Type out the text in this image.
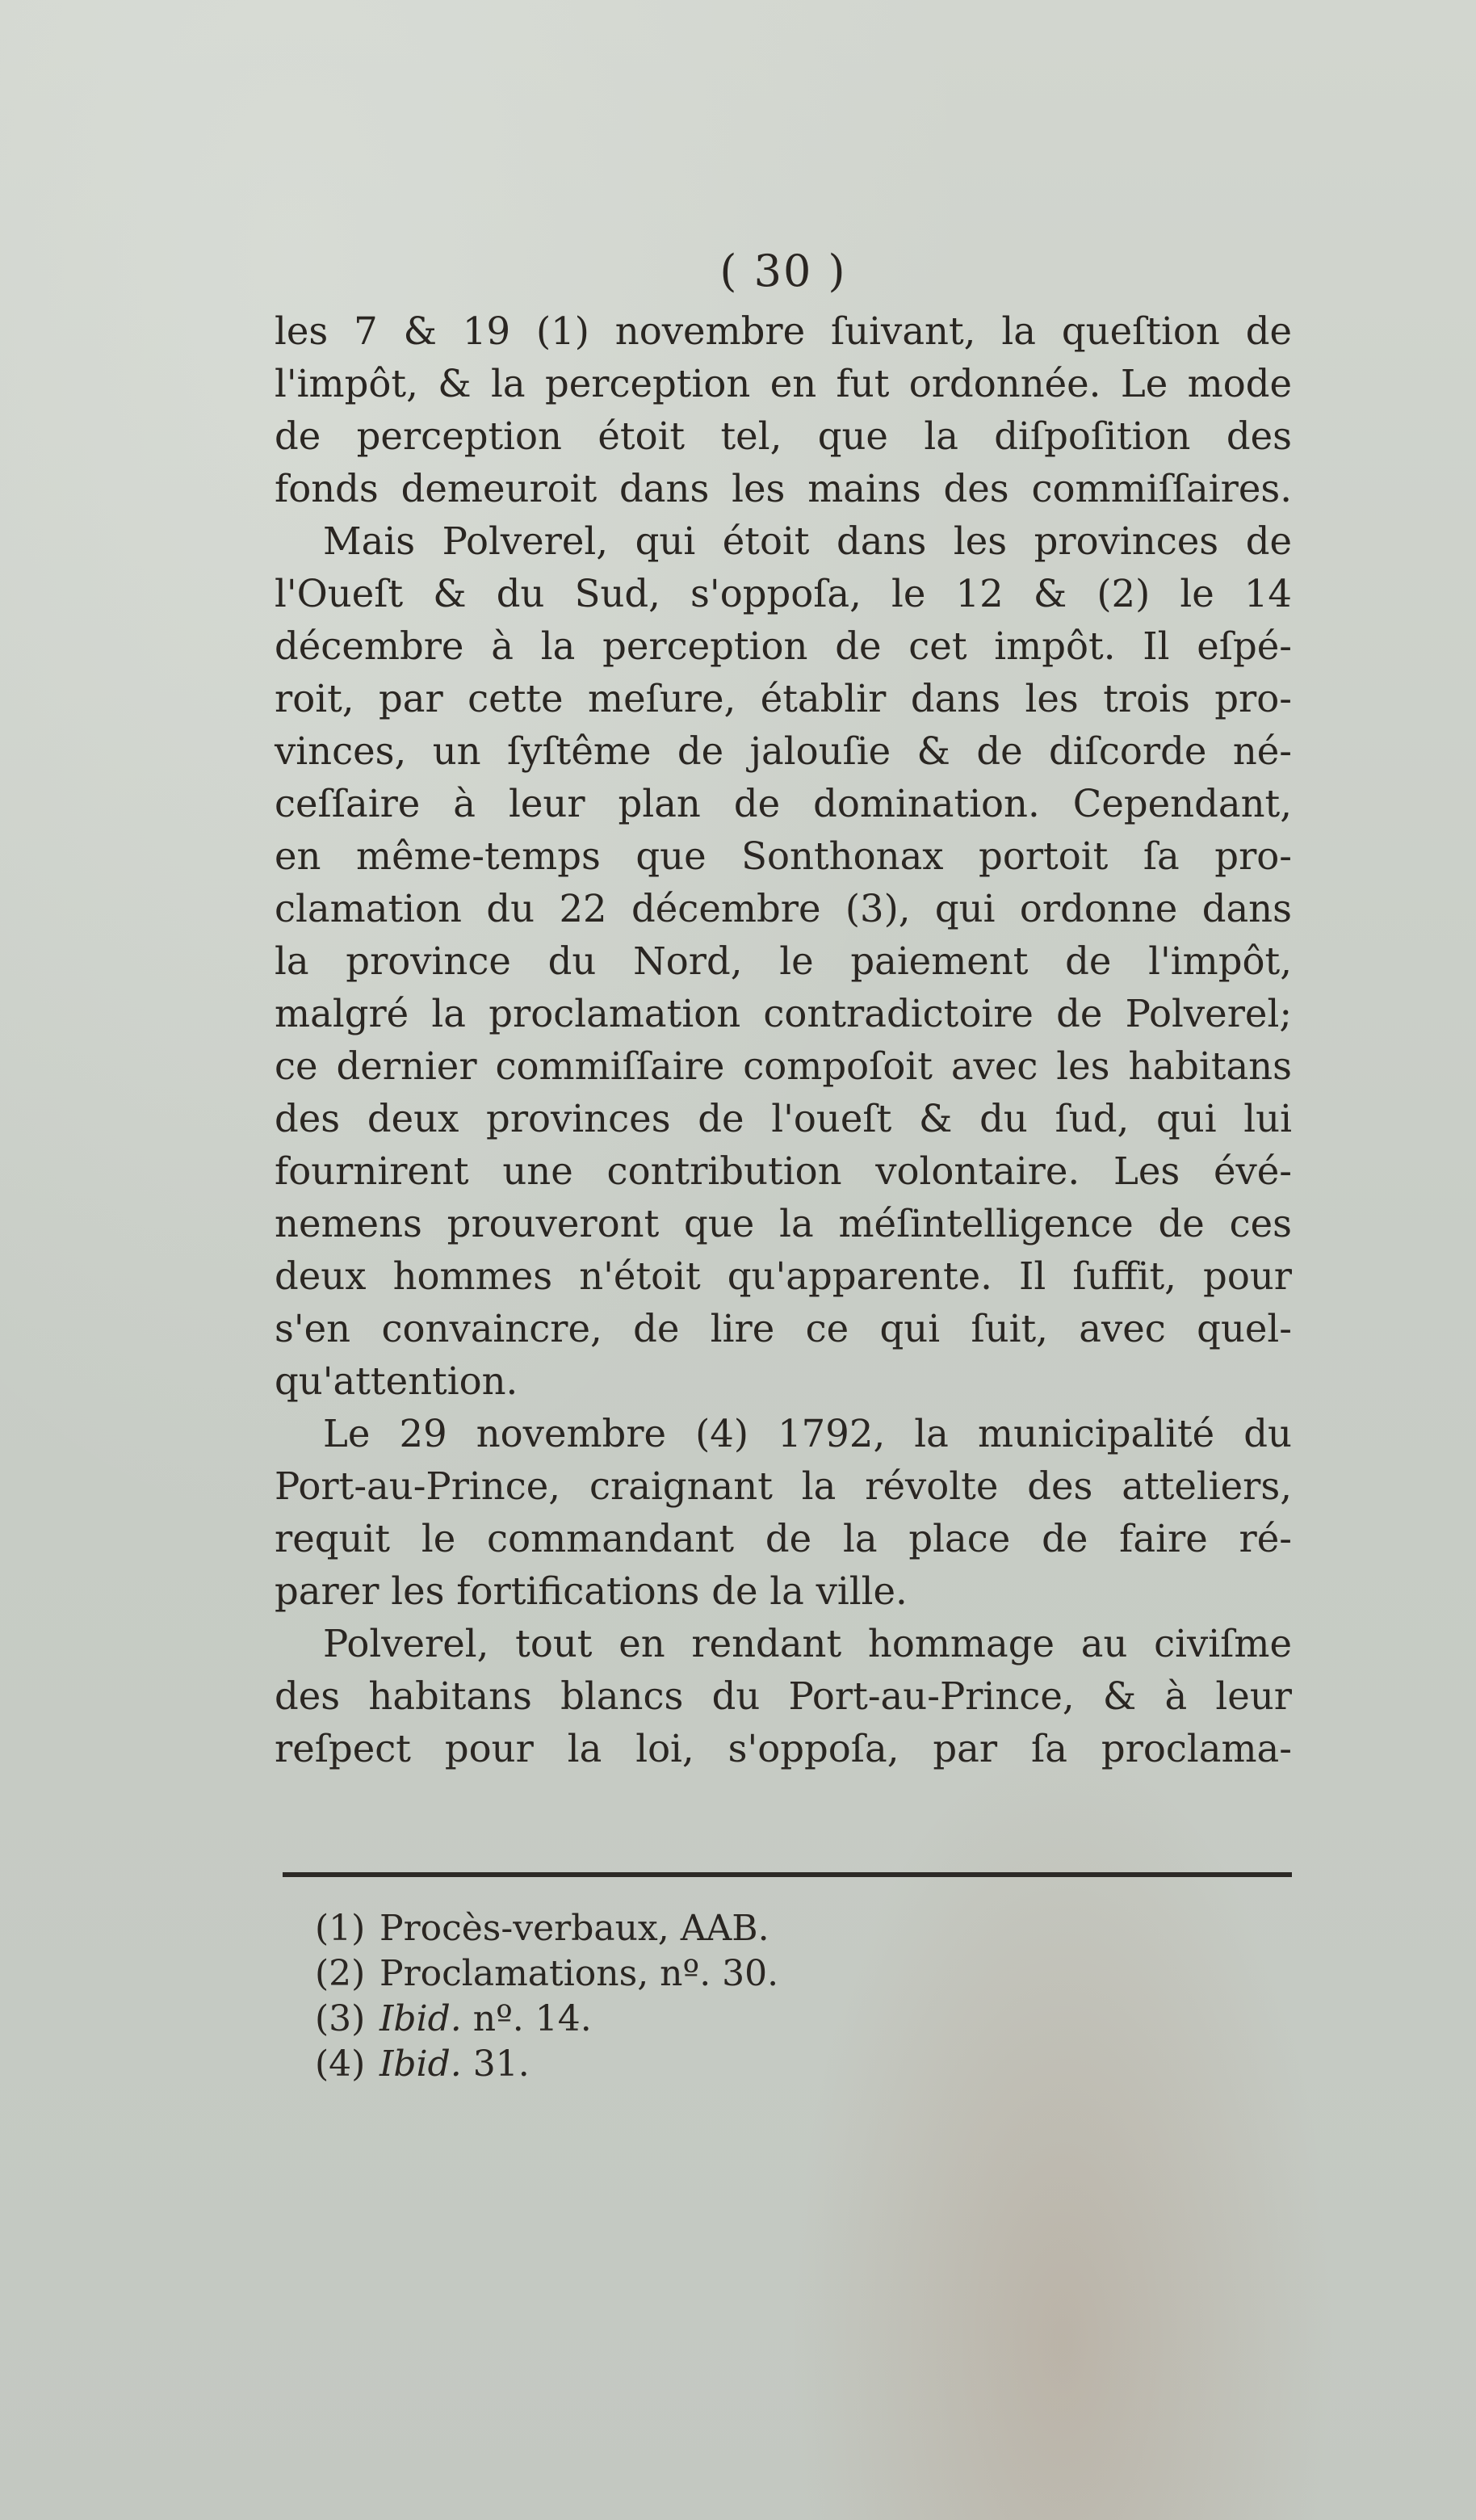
( 30 )
les 7 & 19 (1) novembre ſuivant, la queſtion de
l'impôt, & la perception en fut ordonnée. Le mode
de perception étoit tel, que la diſpoſition des
fonds demeuroit dans les mains des commiſſaires.
Mais Polverel, qui étoit dans les provinces de
l'Oueſt & du Sud, s'oppoſa, le 12 & (2) le 14
décembre à la perception de cet impôt. Il eſpé-
roit, par cette meſure, établir dans les trois pro-
vinces, un ſyſtême de jalouſie & de diſcorde né-
ceſſaire à leur plan de domination. Cependant,
en même-temps que Sonthonax portoit ſa pro-
clamation du 22 décembre (3), qui ordonne dans
la province du Nord, le paiement de l'impôt,
malgré la proclamation contradictoire de Polverel;
ce dernier commiſſaire compoſoit avec les habitans
des deux provinces de l'oueſt & du ſud, qui lui
fournirent une contribution volontaire. Les évé-
nemens prouveront que la méſintelligence de ces
deux hommes n'étoit qu'apparente. Il ſuffit, pour
s'en convaincre, de lire ce qui ſuit, avec quel-
qu'attention.
Le 29 novembre (4) 1792, la municipalité du
Port-au-Prince, craignant la révolte des atteliers,
requit le commandant de la place de faire ré-
parer les fortifications de la ville.
Polverel, tout en rendant hommage au civiſme
des habitans blancs du Port-au-Prince, & à leur
reſpect pour la loi, s'oppoſa, par ſa proclama-

(1) Procès-verbaux, AAB.

(2) Proclamations, nº. 30.

(3) Ibid. nº. 14.

(4) Ibid. 31.
